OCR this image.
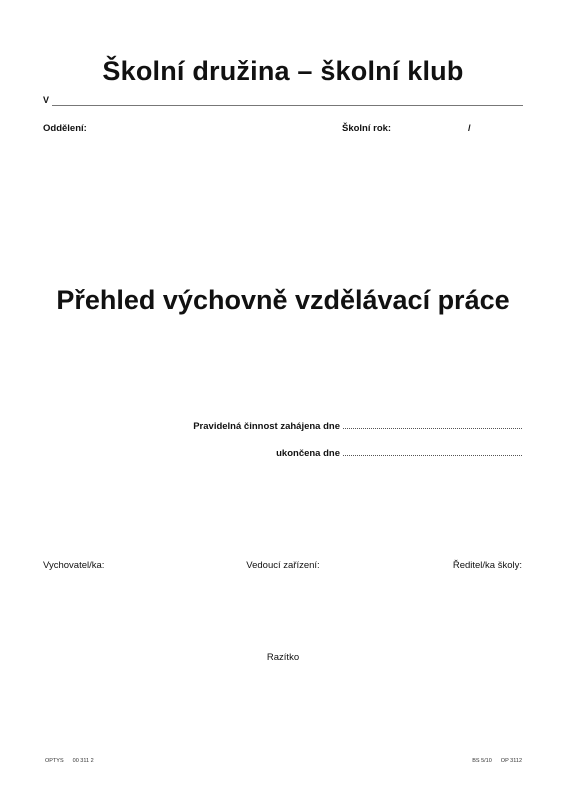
Školní družina – školní klub
V
Oddělení:	Školní rok:	/
Přehled výchovně vzdělávací práce
Pravidelná činnost zahájena dne
ukončena dne
Vychovatel/ka:	Vedoucí zařízení:	Ředitel/ka školy:
Razítko
OPTYS 00 311 2	BS 5/10 OP 3112
